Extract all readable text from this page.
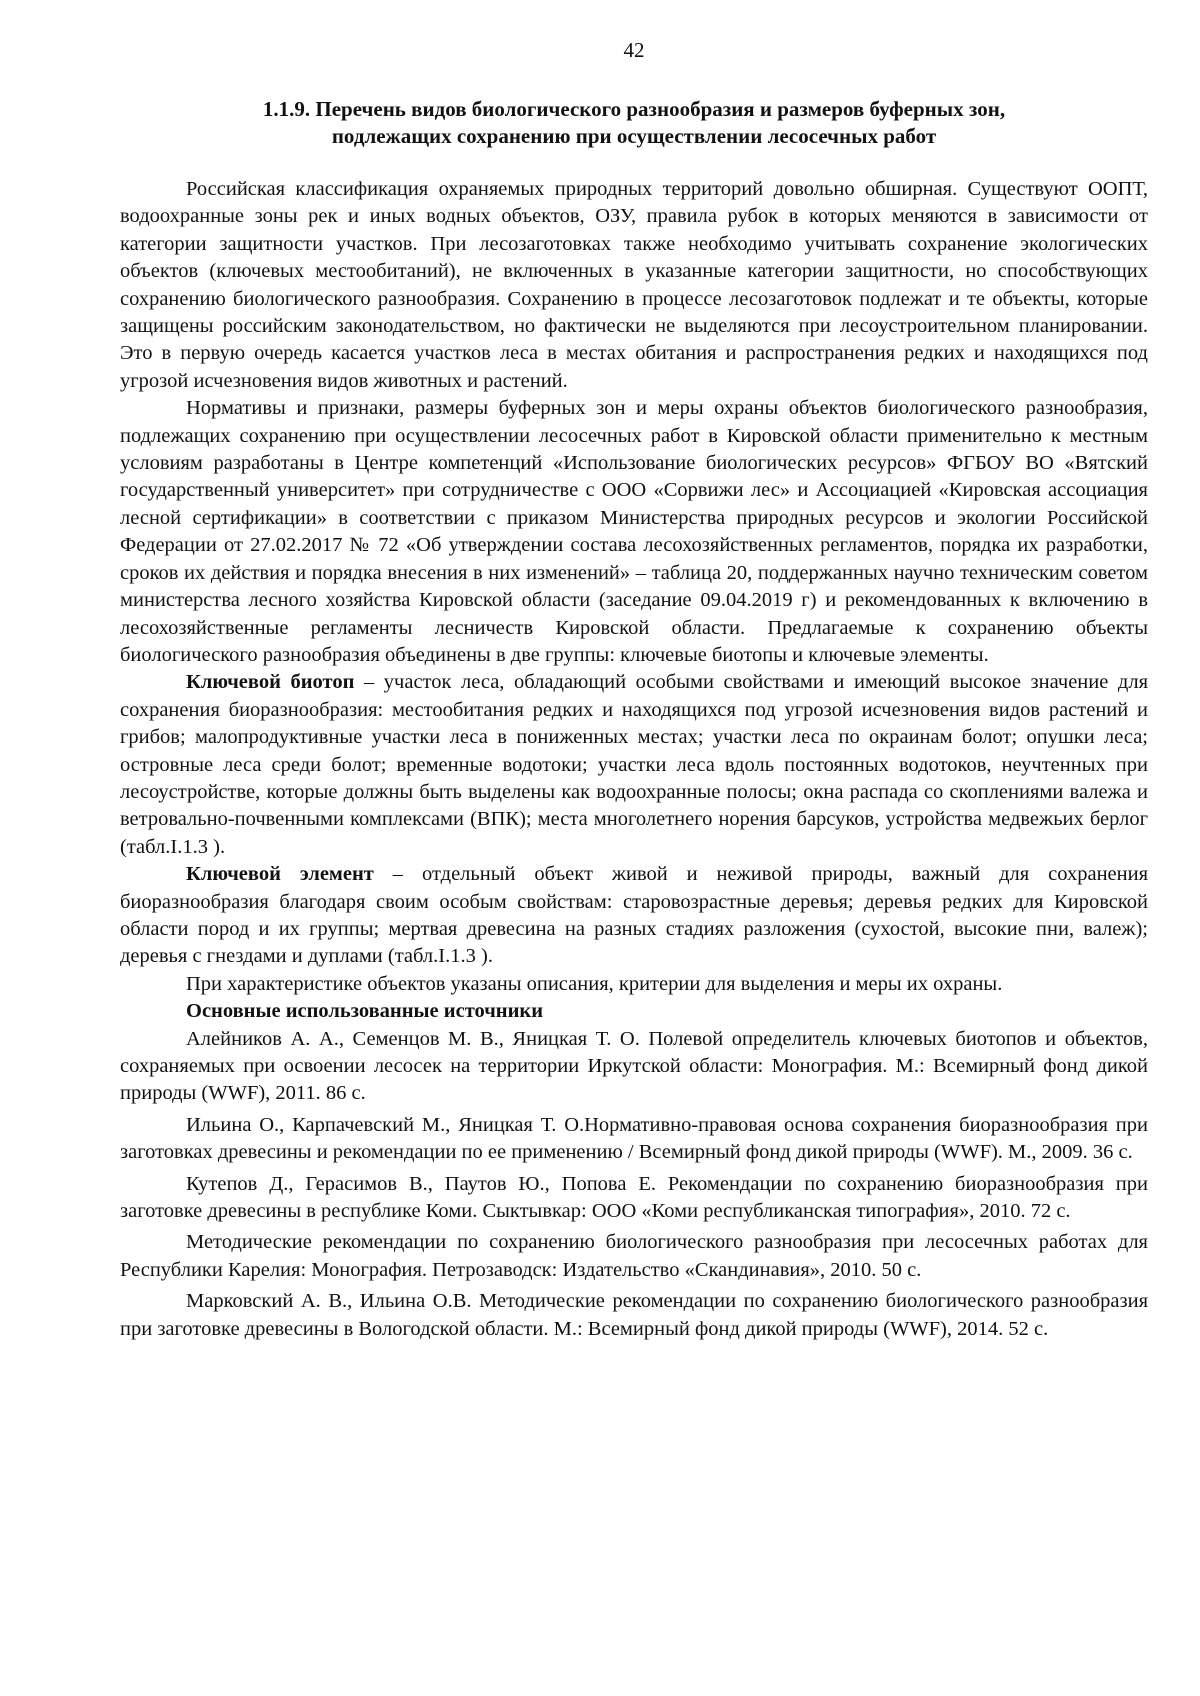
42
1.1.9. Перечень видов биологического разнообразия и размеров буферных зон,
подлежащих сохранению при осуществлении лесосечных работ

Российская классификация охраняемых природных территорий довольно обширная. Существуют ООПТ, водоохранные зоны рек и иных водных объектов, ОЗУ, правила рубок в которых меняются в зависимости от категории защитности участков. При лесозаготовках также необходимо учитывать сохранение экологических объектов (ключевых местообитаний), не включенных в указанные категории защитности, но способствующих сохранению биологического разнообразия. Сохранению в процессе лесозаготовок подлежат и те объекты, которые защищены российским законодательством, но фактически не выделяются при лесоустроительном планировании. Это в первую очередь касается участков леса в местах обитания и распространения редких и находящихся под угрозой исчезновения видов животных и растений.

Нормативы и признаки, размеры буферных зон и меры охраны объектов биологического разнообразия, подлежащих сохранению при осуществлении лесосечных работ в Кировской области применительно к местным условиям разработаны в Центре компетенций «Использование биологических ресурсов» ФГБОУ ВО «Вятский государственный университет» при сотрудничестве с ООО «Сорвижи лес» и Ассоциацией «Кировская ассоциация лесной сертификации» в соответствии с приказом Министерства природных ресурсов и экологии Российской Федерации от 27.02.2017 № 72 «Об утверждении состава лесохозяйственных регламентов, порядка их разработки, сроков их действия и порядка внесения в них изменений» – таблица 20, поддержанных научно техническим советом министерства лесного хозяйства Кировской области (заседание 09.04.2019 г) и рекомендованных к включению в лесохозяйственные регламенты лесничеств Кировской области. Предлагаемые к сохранению объекты биологического разнообразия объединены в две группы: ключевые биотопы и ключевые элементы.

Ключевой биотоп – участок леса, обладающий особыми свойствами и имеющий высокое значение для сохранения биоразнообразия: местообитания редких и находящихся под угрозой исчезновения видов растений и грибов; малопродуктивные участки леса в пониженных местах; участки леса по окраинам болот; опушки леса; островные леса среди болот; временные водотоки; участки леса вдоль постоянных водотоков, неучтенных при лесоустройстве, которые должны быть выделены как водоохранные полосы; окна распада со скоплениями валежа и ветровально-почвенными комплексами (ВПК); места многолетнего норения барсуков, устройства медвежьих берлог (табл.I.1.3 ).

Ключевой элемент – отдельный объект живой и неживой природы, важный для сохранения биоразнообразия благодаря своим особым свойствам: старовозрастные деревья; деревья редких для Кировской области пород и их группы; мертвая древесина на разных стадиях разложения (сухостой, высокие пни, валеж); деревья с гнездами и дуплами (табл.I.1.3 ).

При характеристике объектов указаны описания, критерии для выделения и меры их охраны.

Основные использованные источники

Алейников А. А., Семенцов М. В., Яницкая Т. О. Полевой определитель ключевых биотопов и объектов, сохраняемых при освоении лесосек на территории Иркутской области: Монография. М.: Всемирный фонд дикой природы (WWF), 2011. 86 с.

Ильина О., Карпачевский М., Яницкая Т. О.Нормативно-правовая основа сохранения биоразнообразия при заготовках древесины и рекомендации по ее применению / Всемирный фонд дикой природы (WWF). М., 2009. 36 с.

Кутепов Д., Герасимов В., Паутов Ю., Попова Е. Рекомендации по сохранению биоразнообразия при заготовке древесины в республике Коми. Сыктывкар: ООО «Коми республиканская типография», 2010. 72 с.

Методические рекомендации по сохранению биологического разнообразия при лесосечных работах для Республики Карелия: Монография. Петрозаводск: Издательство «Скандинавия», 2010. 50 с.

Марковский А. В., Ильина О.В. Методические рекомендации по сохранению биологического разнообразия при заготовке древесины в Вологодской области. М.: Всемирный фонд дикой природы (WWF), 2014. 52 с.
